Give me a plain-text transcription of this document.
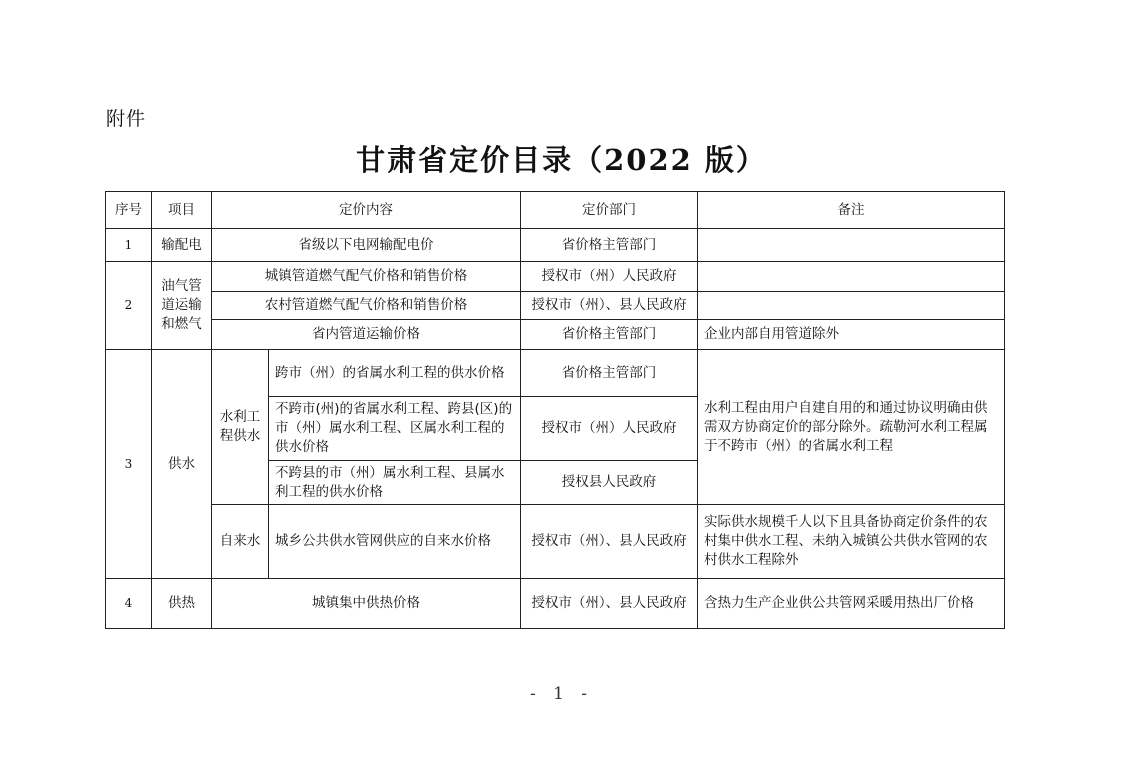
附件
甘肃省定价目录（2022 版）
序号	项目	定价内容		定价部门	备注
1	输配电	省级以下电网输配电价		省价格主管部门	
2	油气管道运输和燃气	城镇管道燃气配气价格和销售价格		授权市（州）人民政府	
		农村管道燃气配气价格和销售价格		授权市（州）、县人民政府	
		省内管道运输价格		省价格主管部门	企业内部自用管道除外
3	供水	水利工程供水	跨市（州）的省属水利工程的供水价格	省价格主管部门	水利工程由用户自建自用的和通过协议明确由供需双方协商定价的部分除外。疏勒河水利工程属于不跨市（州）的省属水利工程
			不跨市(州)的省属水利工程、跨县(区)的市（州）属水利工程、区属水利工程的供水价格	授权市（州）人民政府	
			不跨县的市（州）属水利工程、县属水利工程的供水价格	授权县人民政府	
		自来水	城乡公共供水管网供应的自来水价格	授权市（州）、县人民政府	实际供水规模千人以下且具备协商定价条件的农村集中供水工程、未纳入城镇公共供水管网的农村供水工程除外
4	供热	城镇集中供热价格		授权市（州）、县人民政府	含热力生产企业供公共管网采暖用热出厂价格
- 1 -
